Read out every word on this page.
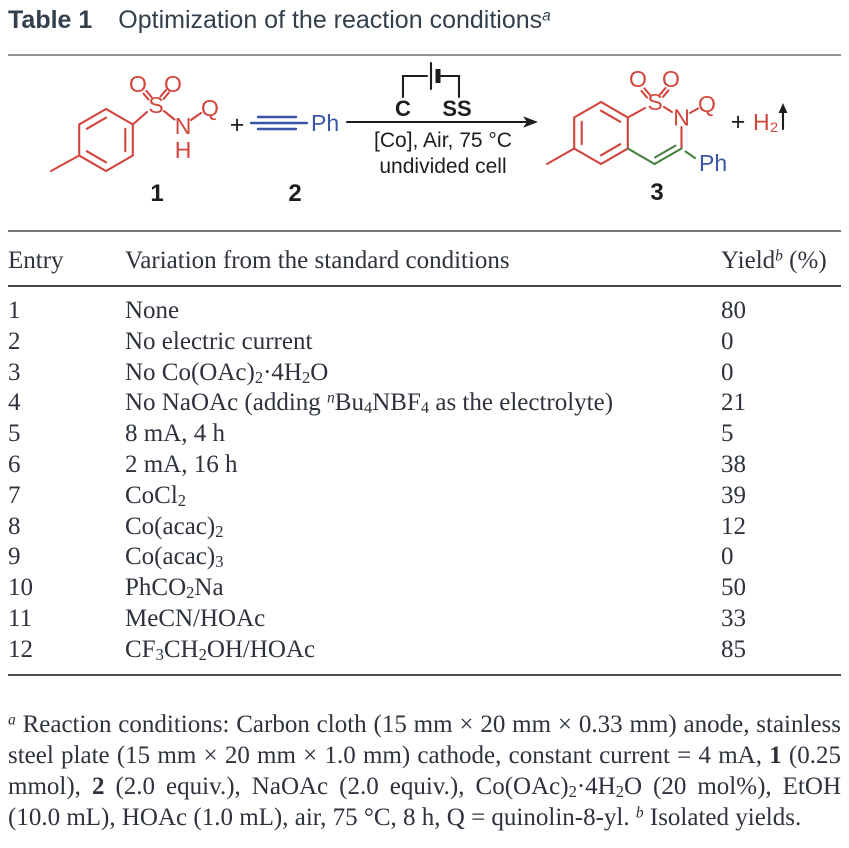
Table 1 Optimization of the reaction conditions$^a$
O O
S
N
H
Q
+	Ph
1	2
C SS
[Co], Air, 75 °C
undivided cell
O O
S
N
Q
Ph
3
+ H₂
Entry	Variation from the standard conditions	Yield$^b$ (%)
1	None	80
2	No electric current	0
3	No $Co(OAc)_2\cdot 4H_2O$	0
4	No NaOAc (adding $^nBu_4NBF_4$ as the electrolyte)	21
5	8 mA, 4 h	5
6	2 mA, 16 h	38
7	CoCl$_2$	39
8	$Co(acac)_2$	12
9	$Co(acac)_3$	0
10	PhCO$_2$Na	50
11	MeCN/HOAc	33
12	$CF_3CH_2OH$/HOAc	85

$^a$ Reaction conditions: Carbon cloth (15 mm × 20 mm × 0.33 mm) anode, stainless steel plate (15 mm × 20 mm × 1.0 mm) cathode, constant current = 4 mA, 1 (0.25 mmol), 2 (2.0 equiv.), NaOAc (2.0 equiv.), $Co(OAc)_2\cdot 4H_2O$ (20 mol%), EtOH (10.0 mL), HOAc (1.0 mL), air, 75 °C, 8 h, Q = quinolin-8-yl. $^b$ Isolated yields.
